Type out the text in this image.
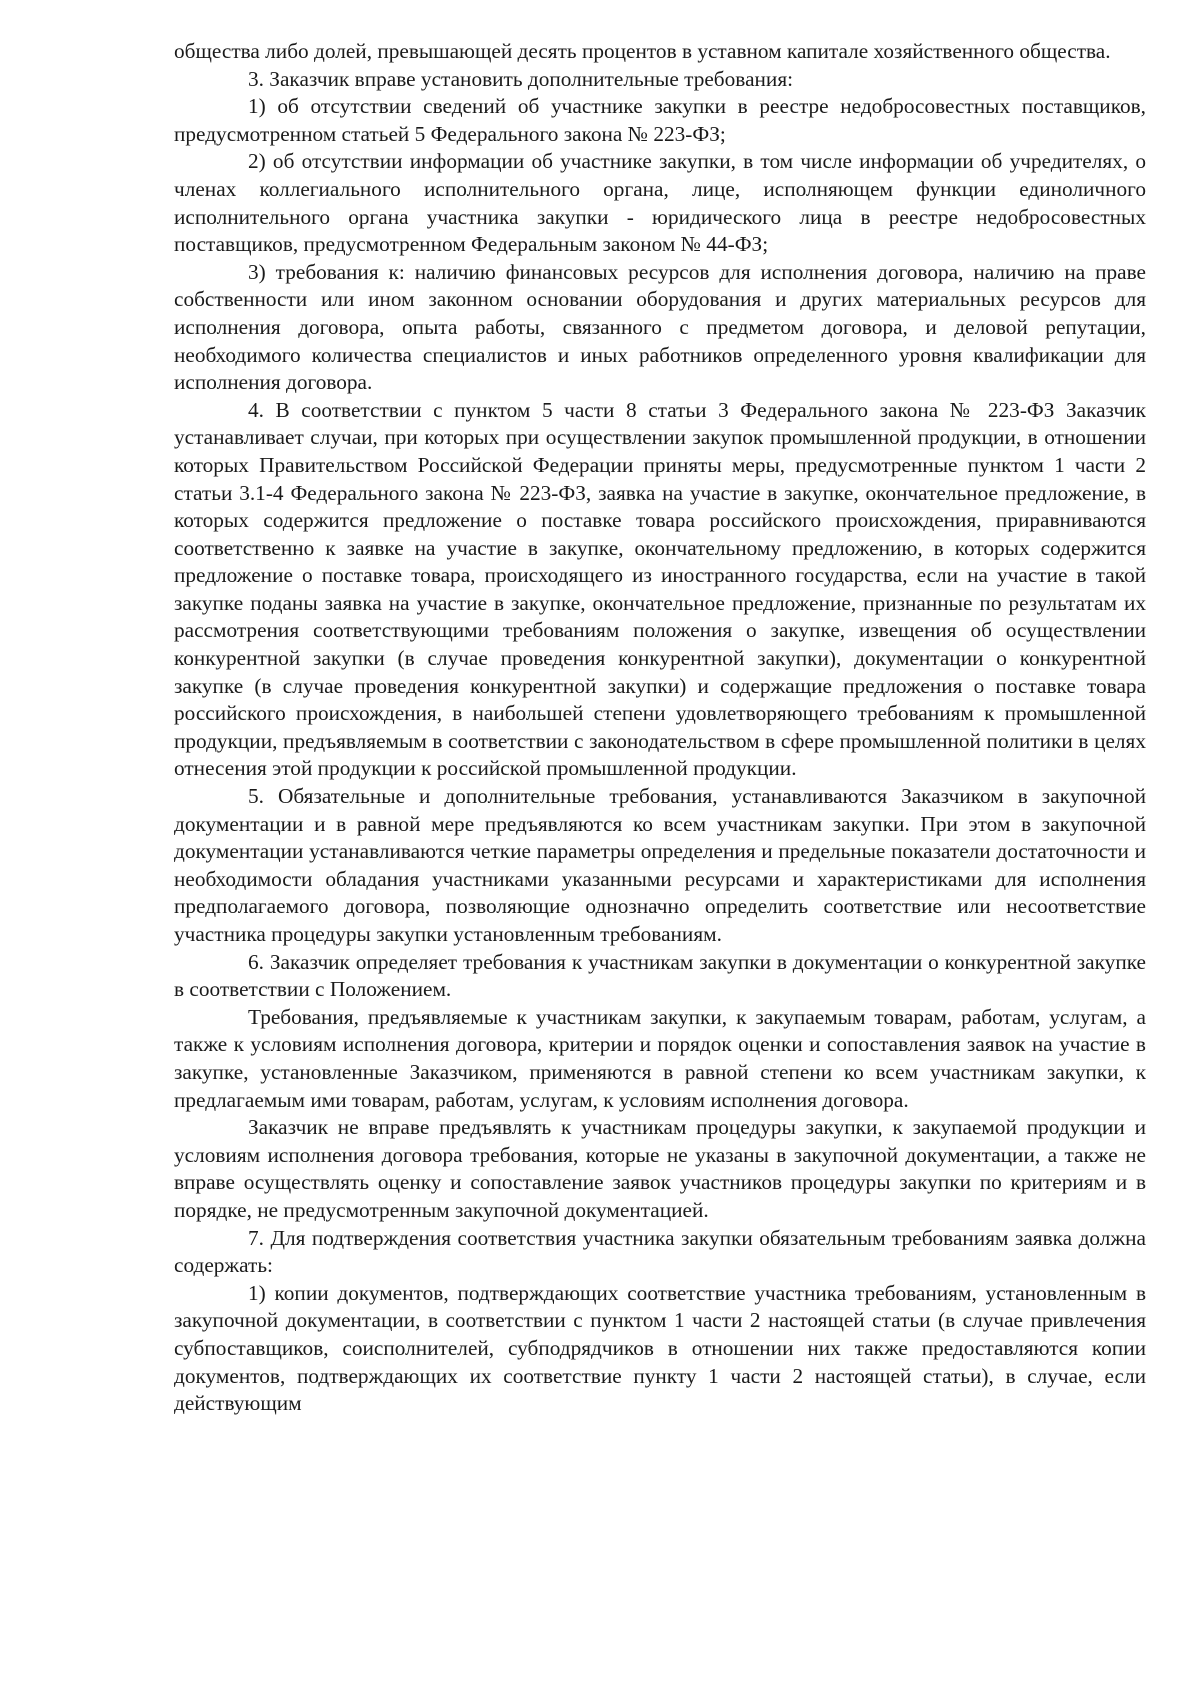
общества либо долей, превышающей десять процентов в уставном капитале хозяйственного общества.

3. Заказчик вправе установить дополнительные требования:

1) об отсутствии сведений об участнике закупки в реестре недобросовестных поставщиков, предусмотренном статьей 5 Федерального закона № 223-ФЗ;

2) об отсутствии информации об участнике закупки, в том числе информации об учредителях, о членах коллегиального исполнительного органа, лице, исполняющем функции единоличного исполнительного органа участника закупки - юридического лица в реестре недобросовестных поставщиков, предусмотренном Федеральным законом № 44-ФЗ;

3) требования к: наличию финансовых ресурсов для исполнения договора, наличию на праве собственности или ином законном основании оборудования и других материальных ресурсов для исполнения договора, опыта работы, связанного с предметом договора, и деловой репутации, необходимого количества специалистов и иных работников определенного уровня квалификации для исполнения договора.

4. В соответствии с пунктом 5 части 8 статьи 3 Федерального закона № 223-ФЗ Заказчик устанавливает случаи, при которых при осуществлении закупок промышленной продукции, в отношении которых Правительством Российской Федерации приняты меры, предусмотренные пунктом 1 части 2 статьи 3.1-4 Федерального закона № 223-ФЗ, заявка на участие в закупке, окончательное предложение, в которых содержится предложение о поставке товара российского происхождения, приравниваются соответственно к заявке на участие в закупке, окончательному предложению, в которых содержится предложение о поставке товара, происходящего из иностранного государства, если на участие в такой закупке поданы заявка на участие в закупке, окончательное предложение, признанные по результатам их рассмотрения соответствующими требованиям положения о закупке, извещения об осуществлении конкурентной закупки (в случае проведения конкурентной закупки), документации о конкурентной закупке (в случае проведения конкурентной закупки) и содержащие предложения о поставке товара российского происхождения, в наибольшей степени удовлетворяющего требованиям к промышленной продукции, предъявляемым в соответствии с законодательством в сфере промышленной политики в целях отнесения этой продукции к российской промышленной продукции.

5. Обязательные и дополнительные требования, устанавливаются Заказчиком в закупочной документации и в равной мере предъявляются ко всем участникам закупки. При этом в закупочной документации устанавливаются четкие параметры определения и предельные показатели достаточности и необходимости обладания участниками указанными ресурсами и характеристиками для исполнения предполагаемого договора, позволяющие однозначно определить соответствие или несоответствие участника процедуры закупки установленным требованиям.

6. Заказчик определяет требования к участникам закупки в документации о конкурентной закупке в соответствии с Положением.

Требования, предъявляемые к участникам закупки, к закупаемым товарам, работам, услугам, а также к условиям исполнения договора, критерии и порядок оценки и сопоставления заявок на участие в закупке, установленные Заказчиком, применяются в равной степени ко всем участникам закупки, к предлагаемым ими товарам, работам, услугам, к условиям исполнения договора.

Заказчик не вправе предъявлять к участникам процедуры закупки, к закупаемой продукции и условиям исполнения договора требования, которые не указаны в закупочной документации, а также не вправе осуществлять оценку и сопоставление заявок участников процедуры закупки по критериям и в порядке, не предусмотренным закупочной документацией.

7. Для подтверждения соответствия участника закупки обязательным требованиям заявка должна содержать:

1) копии документов, подтверждающих соответствие участника требованиям, установленным в закупочной документации, в соответствии с пунктом 1 части 2 настоящей статьи (в случае привлечения субпоставщиков, соисполнителей, субподрядчиков в отношении них также предоставляются копии документов, подтверждающих их соответствие пункту 1 части 2 настоящей статьи), в случае, если действующим
